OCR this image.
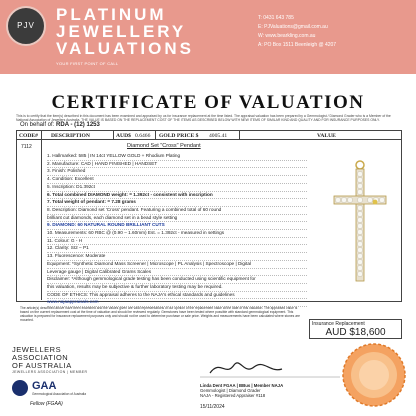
PJV
PLATINUM
JEWELLERY
VALUATIONS
YOUR FIRST POINT OF CALL
T: 0431 643 785
E: PJValuations@gmail.com.au
W: www.bearkling.com.au
A: PO Box 1511 Beenleigh @ 4207
CERTIFICATE OF VALUATION
This is to certify that the item(s) described in this document has been examined and appraised by us for insurance replacement at the time listed. The appraisal valuation has been prepared by a Gemmologist / Diamond Grader who is a Member of the National Association of Jewellers Australia. THE VALUE IS BASED ON THE REPLACEMENT COST OF THE ITEMS AS DESCRIBED BELOW WITH NEW ITEMS OF SIMILAR KIND AND QUALITY AND FOR INSURANCE PURPOSES ONLY.
On behalf of: RDA - (12) 1253
CODE# DESCRIPTION	AUD$ 0.6466 GOLD PRICE $ 4005.41	VALUE
7112	Diamond Set "Cross" Pendant
1. Hallmarked: 585 | IN 14ct YELLOW GOLD + Rhodium Plating
2. Manufacture: CAD | HAND FINISHED | HANDSET
3. Finish: Polished
4. Condition: Excellent
5. Inscription: D1.392ct
6. Total combined DIAMOND weight: = 1.392ct - consistent with inscription
7. Total weight of pendant: = 7.28 grams
8. Description: Diamond set 'Cross' pendant. Featuring a combined total of 60 round
brilliant cut diamonds, each diamond set in a bead style setting
9. DIAMOND: 60 NATURAL ROUND BRILLIANT CUTS
10. Measurements: 60 RBC @ (0.90 – 1.60mm) Est. = 1.392ct - measured in settings
11. Colour: G - H
12. Clarity: SI2 – P1
13. Fluorescence: Moderate
Equipment: *Synthetic Diamond Mass Screener | Microscope | PL Analysis | Spectroscope | Digital
Leverage gauge | Digital Calibrated Grams Scales
Disclaimer: *Although gemmological grade testing has been conducted using scientific equipment for
this valuation, results may be subjective & further laboratory testing may be required.
CODE OF ETHICS: This appraisal adheres to the NAJA's ethical standards and guidelines
www.najaappraisals.com
The article(s) described above have been examined and the values given are valid representations of our opinion of the replacement value at the date of this valuation. The appraised value is based on the current replacement cost at the time of valuation and should be reviewed regularly. Gemstones have been tested where possible with standard gemmological equipment. This valuation is prepared for insurance replacement purposes only and should not be used to determine purchase or sale price. Weights and measurements have been calculated where stones are mounted.
Insurance Replacement
AUD $18,600
JEWELLERS
ASSOCIATION
OF AUSTRALIA
JEWELLERS ASSOCIATION | MEMBER
GAA
Gemmological Association of Australia
Fellow (FGAA)
Linda Dent FGAA | BBus | Member NAJA
Gemmologist | Diamond Grader
NAJA - Registered Appraiser #118
15/11/2024
